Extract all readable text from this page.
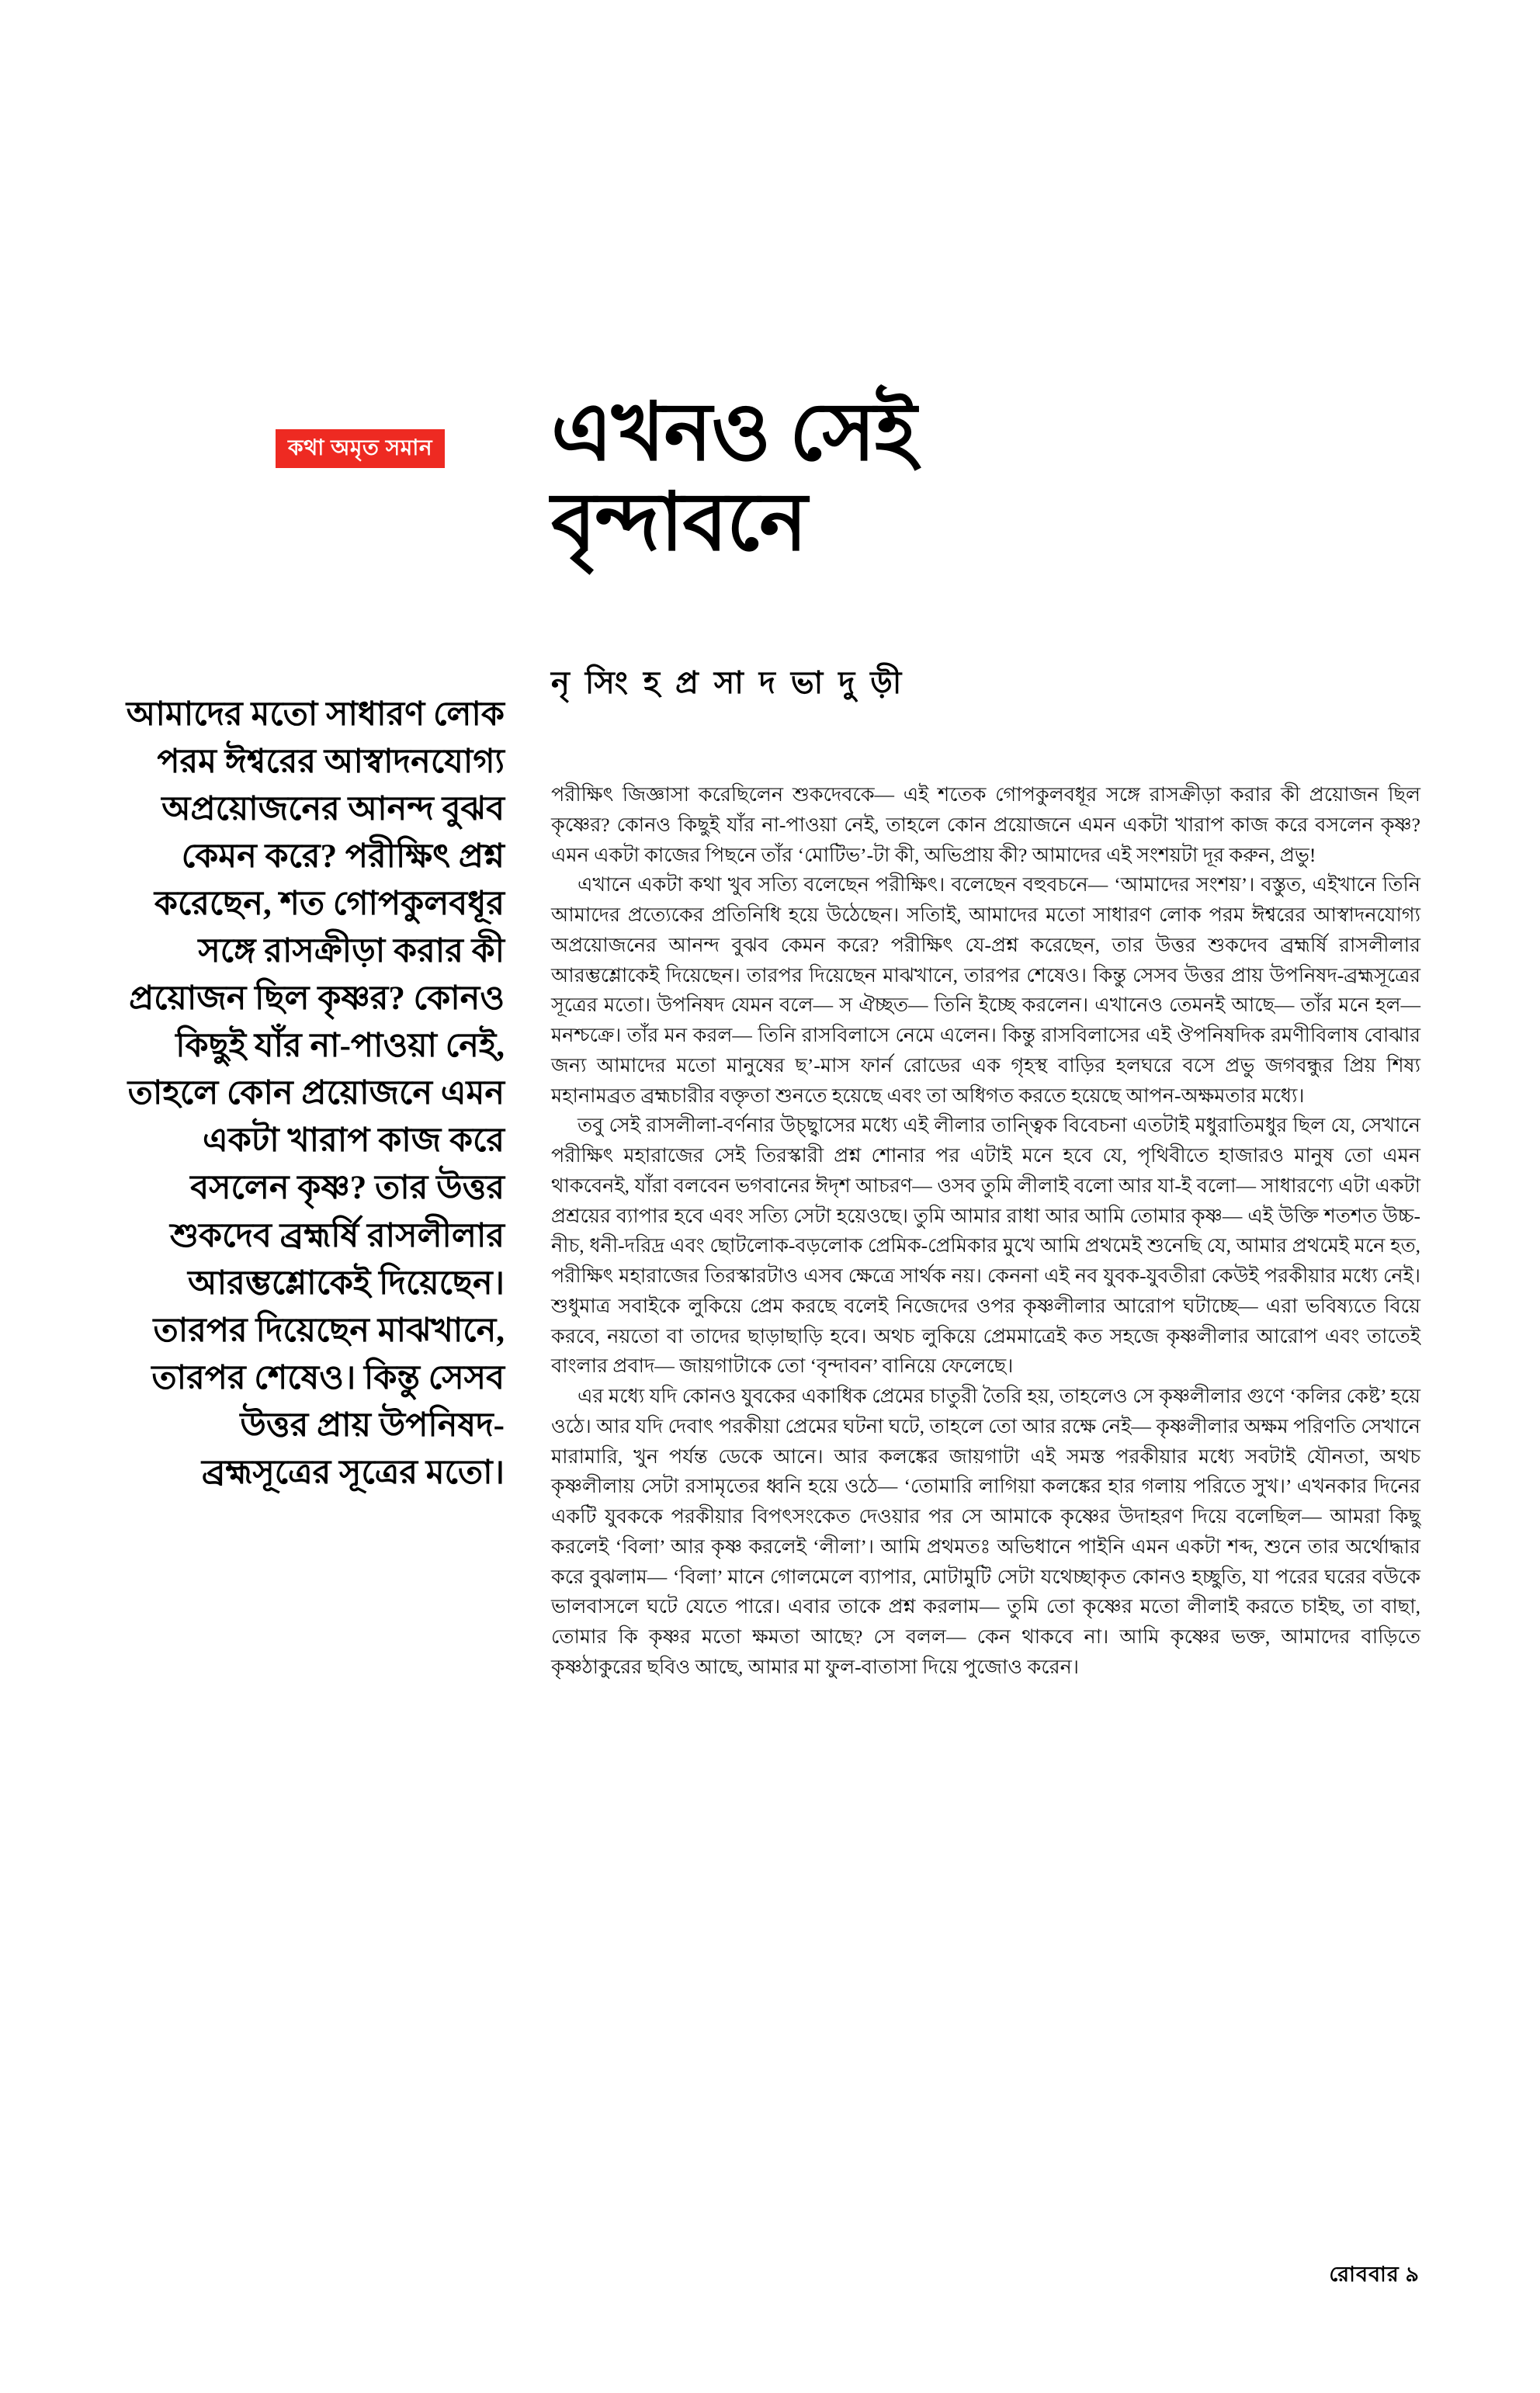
কথা অমৃত সমান এখনও সেই
বৃন্দাবনে
নৃ সিং হ প্র সা দ ভা দু ড়ী
আমাদের মতো সাধারণ লোক পরম ঈশ্বরের আস্বাদনযোগ্য অপ্রয়োজনের আনন্দ বুঝব কেমন করে? পরীক্ষিৎ প্রশ্ন করেছেন, শত গোপকুলবধূর সঙ্গে রাসক্রীড়া করার কী প্রয়োজন ছিল কৃষ্ণর? কোনও কিছুই যাঁর না-পাওয়া নেই, তাহলে কোন প্রয়োজনে এমন একটা খারাপ কাজ করে বসলেন কৃষ্ণ? তার উত্তর শুকদেব ব্রহ্মর্ষি রাসলীলার আরম্ভশ্লোকেই দিয়েছেন। তারপর দিয়েছেন মাঝখানে, তারপর শেষেও। কিন্তু সেসব উত্তর প্রায় উপনিষদ-ব্রহ্মসূত্রের সূত্রের মতো।

পরীক্ষিৎ জিজ্ঞাসা করেছিলেন শুকদেবকে— এই শতেক গোপকুলবধূর সঙ্গে রাসক্রীড়া করার কী প্রয়োজন ছিল কৃষ্ণের? কোনও কিছুই যাঁর না-পাওয়া নেই, তাহলে কোন প্রয়োজনে এমন একটা খারাপ কাজ করে বসলেন কৃষ্ণ? এমন একটা কাজের পিছনে তাঁর ‘মোটিভ’-টা কী, অভিপ্রায় কী? আমাদের এই সংশয়টা দূর করুন, প্রভু!

এখানে একটা কথা খুব সত্যি বলেছেন পরীক্ষিৎ। বলেছেন বহুবচনে— ‘আমাদের সংশয়’। বস্তুত, এইখানে তিনি আমাদের প্রত্যেকের প্রতিনিধি হয়ে উঠেছেন। সতিাই, আমাদের মতো সাধারণ লোক পরম ঈশ্বরের আস্বাদনযোগ্য অপ্রয়োজনের আনন্দ বুঝব কেমন করে? পরীক্ষিৎ যে-প্রশ্ন করেছেন, তার উত্তর শুকদেব ব্রহ্মর্ষি রাসলীলার আরম্ভশ্লোকেই দিয়েছেন। তারপর দিয়েছেন মাঝখানে, তারপর শেষেও। কিন্তু সেসব উত্তর প্রায় উপনিষদ-ব্রহ্মসূত্রের সূত্রের মতো। উপনিষদ যেমন বলে— স ঐচ্ছত— তিনি ইচ্ছে করলেন। এখানেও তেমনই আছে— তাঁর মনে হল— মনশ্চক্রে। তাঁর মন করল— তিনি রাসবিলাসে নেমে এলেন। কিন্তু রাসবিলাসের এই ঔপনিষদিক রমণীবিলাষ বোঝার জন্য আমাদের মতো মানুষের ছ’-মাস ফার্ন রোডের এক গৃহস্থ বাড়ির হলঘরে বসে প্রভু জগবন্ধুর প্রিয় শিষ্য মহানামব্রত ব্রহ্মচারীর বক্তৃতা শুনতে হয়েছে এবং তা অধিগত করতে হয়েছে আপন-অক্ষমতার মধ্যে।

তবু সেই রাসলীলা-বর্ণনার উচ্ছ্বাসের মধ্যে এই লীলার তান্ত্বিক বিবেচনা এতটাই মধুরাতিমধুর ছিল যে, সেখানে পরীক্ষিৎ মহারাজের সেই তিরস্কারী প্রশ্ন শোনার পর এটাই মনে হবে যে, পৃথিবীতে হাজারও মানুষ তো এমন থাকবেনই, যাঁরা বলবেন ভগবানের ঈদৃশ আচরণ— ওসব তুমি লীলাই বলো আর যা-ই বলো— সাধারণ্যে এটা একটা প্রশ্রয়ের ব্যাপার হবে এবং সত্যি সেটা হয়েওছে। তুমি আমার রাধা আর আমি তোমার কৃষ্ণ— এই উক্তি শতশত উচ্চ-নীচ, ধনী-দরিদ্র এবং ছোটলোক-বড়লোক প্রেমিক-প্রেমিকার মুখে আমি প্রথমেই শুনেছি যে, আমার প্রথমেই মনে হত, পরীক্ষিৎ মহারাজের তিরস্কারটাও এসব ক্ষেত্রে সার্থক নয়। কেননা এই নব যুবক-যুবতীরা কেউই পরকীয়ার মধ্যে নেই। শুধুমাত্র সবাইকে লুকিয়ে প্রেম করছে বলেই নিজেদের ওপর কৃষ্ণলীলার আরোপ ঘটাচ্ছে— এরা ভবিষ্যতে বিয়ে করবে, নয়তো বা তাদের ছাড়াছাড়ি হবে। অথচ লুকিয়ে প্রেমমাত্রেই কত সহজে কৃষ্ণলীলার আরোপ এবং তাতেই বাংলার প্রবাদ— জায়গাটাকে তো ‘বৃন্দাবন’ বানিয়ে ফেলেছে।

এর মধ্যে যদি কোনও যুবকের একাধিক প্রেমের চাতুরী তৈরি হয়, তাহলেও সে কৃষ্ণলীলার গুণে ‘কলির কেষ্ট’ হয়ে ওঠে। আর যদি দেবাৎ পরকীয়া প্রেমের ঘটনা ঘটে, তাহলে তো আর রক্ষে নেই— কৃষ্ণলীলার অক্ষম পরিণতি সেখানে মারামারি, খুন পর্যন্ত ডেকে আনে। আর কলঙ্কের জায়গাটা এই সমস্ত পরকীয়ার মধ্যে সবটাই যৌনতা, অথচ কৃষ্ণলীলায় সেটা রসামৃতের ধ্বনি হয়ে ওঠে— ‘তোমারি লাগিয়া কলঙ্কের হার গলায় পরিতে সুখ।’ এখনকার দিনের একটি যুবককে পরকীয়ার বিপৎসংকেত দেওয়ার পর সে আমাকে কৃষ্ণের উদাহরণ দিয়ে বলেছিল— আমরা কিছু করলেই ‘বিলা’ আর কৃষ্ণ করলেই ‘লীলা’। আমি প্রথমতঃ অভিধানে পাইনি এমন একটা শব্দ, শুনে তার অর্থোদ্ধার করে বুঝলাম— ‘বিলা’ মানে গোলমেলে ব্যাপার, মোটামুটি সেটা যথেচ্ছাকৃত কোনও হচ্ছুতি, যা পরের ঘরের বউকে ভালবাসলে ঘটে যেতে পারে। এবার তাকে প্রশ্ন করলাম— তুমি তো কৃষ্ণের মতো লীলাই করতে চাইছ, তা বাছা, তোমার কি কৃষ্ণর মতো ক্ষমতা আছে? সে বলল— কেন থাকবে না। আমি কৃষ্ণের ভক্ত, আমাদের বাড়িতে কৃষ্ণঠাকুরের ছবিও আছে, আমার মা ফুল-বাতাসা দিয়ে পুজোও করেন।

রোববার ৯
